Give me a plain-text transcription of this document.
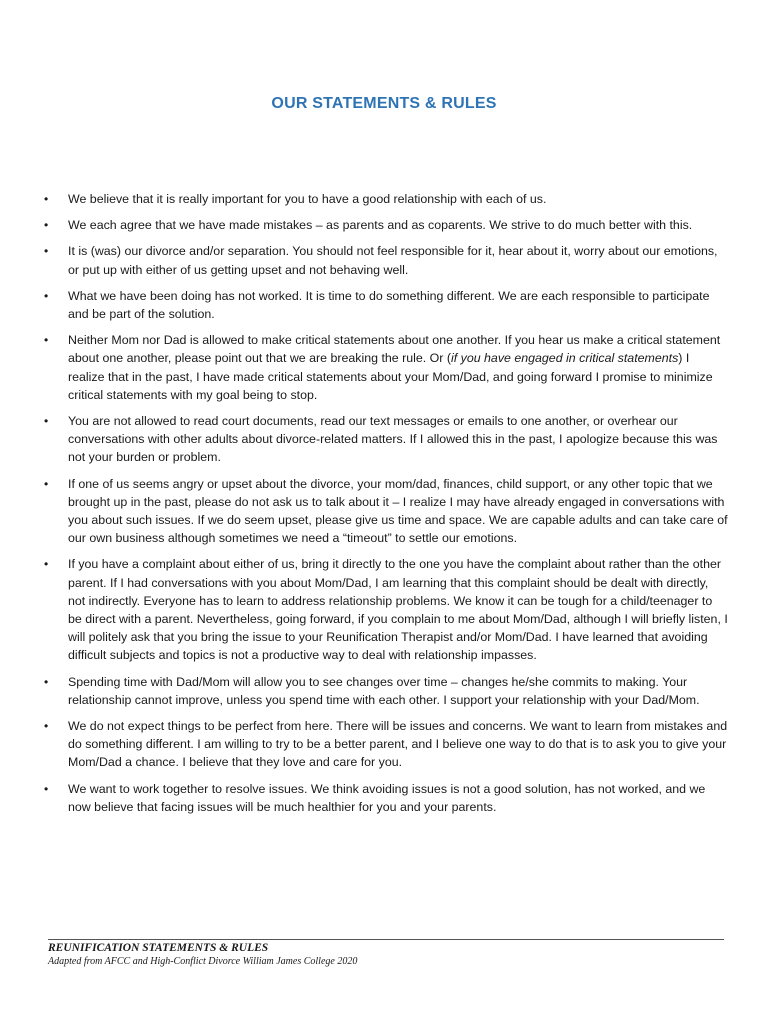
OUR STATEMENTS & RULES
• We believe that it is really important for you to have a good relationship with each of us.
• We each agree that we have made mistakes – as parents and as coparents. We strive to do much better with this.
• It is (was) our divorce and/or separation. You should not feel responsible for it, hear about it, worry about our emotions, or put up with either of us getting upset and not behaving well.
• What we have been doing has not worked. It is time to do something different. We are each responsible to participate and be part of the solution.
• Neither Mom nor Dad is allowed to make critical statements about one another. If you hear us make a critical statement about one another, please point out that we are breaking the rule. Or (if you have engaged in critical statements) I realize that in the past, I have made critical statements about your Mom/Dad, and going forward I promise to minimize critical statements with my goal being to stop.
• You are not allowed to read court documents, read our text messages or emails to one another, or overhear our conversations with other adults about divorce-related matters. If I allowed this in the past, I apologize because this was not your burden or problem.
• If one of us seems angry or upset about the divorce, your mom/dad, finances, child support, or any other topic that we brought up in the past, please do not ask us to talk about it – I realize I may have already engaged in conversations with you about such issues. If we do seem upset, please give us time and space. We are capable adults and can take care of our own business although sometimes we need a “timeout” to settle our emotions.
• If you have a complaint about either of us, bring it directly to the one you have the complaint about rather than the other parent. If I had conversations with you about Mom/Dad, I am learning that this complaint should be dealt with directly, not indirectly. Everyone has to learn to address relationship problems. We know it can be tough for a child/teenager to be direct with a parent. Nevertheless, going forward, if you complain to me about Mom/Dad, although I will briefly listen, I will politely ask that you bring the issue to your Reunification Therapist and/or Mom/Dad. I have learned that avoiding difficult subjects and topics is not a productive way to deal with relationship impasses.
• Spending time with Dad/Mom will allow you to see changes over time – changes he/she commits to making. Your relationship cannot improve, unless you spend time with each other. I support your relationship with your Dad/Mom.
• We do not expect things to be perfect from here. There will be issues and concerns. We want to learn from mistakes and do something different. I am willing to try to be a better parent, and I believe one way to do that is to ask you to give your Mom/Dad a chance. I believe that they love and care for you.
• We want to work together to resolve issues. We think avoiding issues is not a good solution, has not worked, and we now believe that facing issues will be much healthier for you and your parents.
REUNIFICATION STATEMENTS & RULES
Adapted from AFCC and High-Conflict Divorce William James College 2020
